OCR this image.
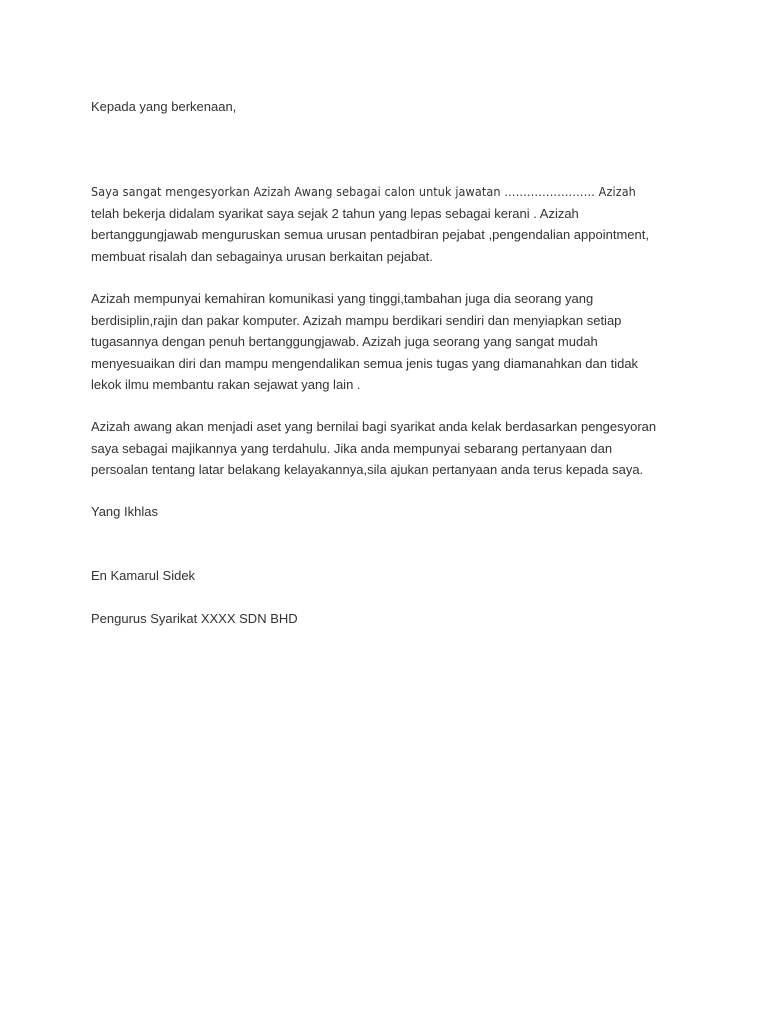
Kepada yang berkenaan,

Saya sangat mengesyorkan Azizah Awang sebagai calon untuk jawatan …………………… Azizah
telah bekerja didalam syarikat saya sejak 2 tahun yang lepas sebagai kerani . Azizah
bertanggungjawab menguruskan semua urusan pentadbiran pejabat ,pengendalian appointment,
membuat risalah dan sebagainya urusan berkaitan pejabat.
Azizah mempunyai kemahiran komunikasi yang tinggi,tambahan juga dia seorang yang
berdisiplin,rajin dan pakar komputer. Azizah mampu berdikari sendiri dan menyiapkan setiap
tugasannya dengan penuh bertanggungjawab. Azizah juga seorang yang sangat mudah
menyesuaikan diri dan mampu mengendalikan semua jenis tugas yang diamanahkan dan tidak
lekok ilmu membantu rakan sejawat yang lain .
Azizah awang akan menjadi aset yang bernilai bagi syarikat anda kelak berdasarkan pengesyoran
saya sebagai majikannya yang terdahulu. Jika anda mempunyai sebarang pertanyaan dan
persoalan tentang latar belakang kelayakannya,sila ajukan pertanyaan anda terus kepada saya.

Yang Ikhlas

En Kamarul Sidek

Pengurus Syarikat XXXX SDN BHD
